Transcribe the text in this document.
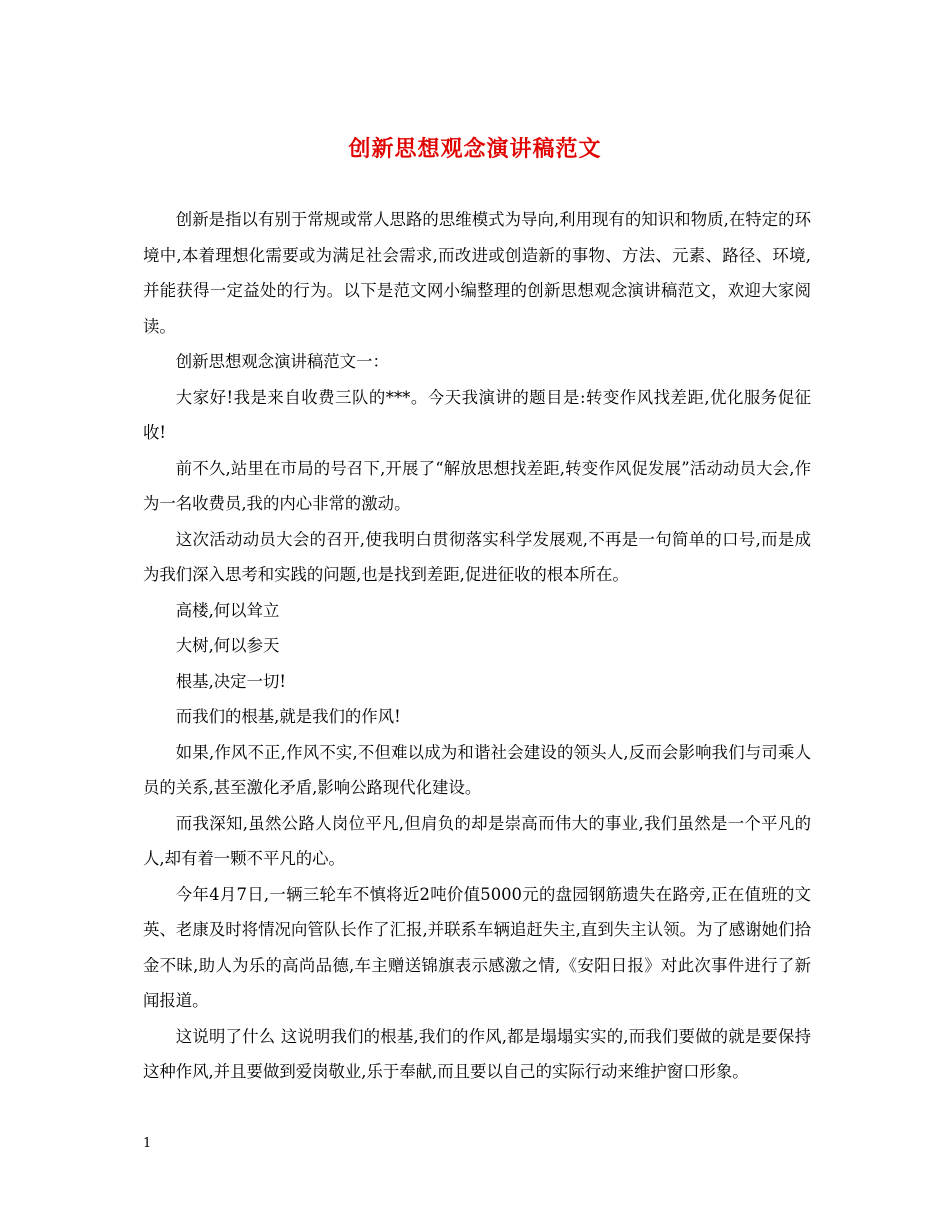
创新思想观念演讲稿范文

创新是指以有别于常规或常人思路的思维模式为导向,利用现有的知识和物质,在特定的环境中,本着理想化需要或为满足社会需求,而改进或创造新的事物、方法、元素、路径、环境,并能获得一定益处的行为。以下是范文网小编整理的创新思想观念演讲稿范文，欢迎大家阅读。

创新思想观念演讲稿范文一：

大家好!我是来自收费三队的***。今天我演讲的题目是:转变作风找差距,优化服务促征收!

前不久,站里在市局的号召下,开展了“解放思想找差距,转变作风促发展”活动动员大会,作为一名收费员,我的内心非常的激动。

这次活动动员大会的召开,使我明白贯彻落实科学发展观,不再是一句简单的口号,而是成为我们深入思考和实践的问题,也是找到差距,促进征收的根本所在。

高楼,何以耸立

大树,何以参天

根基,决定一切!

而我们的根基,就是我们的作风!

如果,作风不正,作风不实,不但难以成为和谐社会建设的领头人,反而会影响我们与司乘人员的关系,甚至激化矛盾,影响公路现代化建设。

而我深知,虽然公路人岗位平凡,但肩负的却是崇高而伟大的事业,我们虽然是一个平凡的人,却有着一颗不平凡的心。

今年4月7日,一辆三轮车不慎将近2吨价值5000元的盘园钢筋遗失在路旁,正在值班的文英、老康及时将情况向管队长作了汇报,并联系车辆追赶失主,直到失主认领。为了感谢她们拾金不昧,助人为乐的高尚品德,车主赠送锦旗表示感激之情,《安阳日报》对此次事件进行了新闻报道。

这说明了什么 这说明我们的根基,我们的作风,都是塌塌实实的,而我们要做的就是要保持这种作风,并且要做到爱岗敬业,乐于奉献,而且要以自己的实际行动来维护窗口形象。

1
